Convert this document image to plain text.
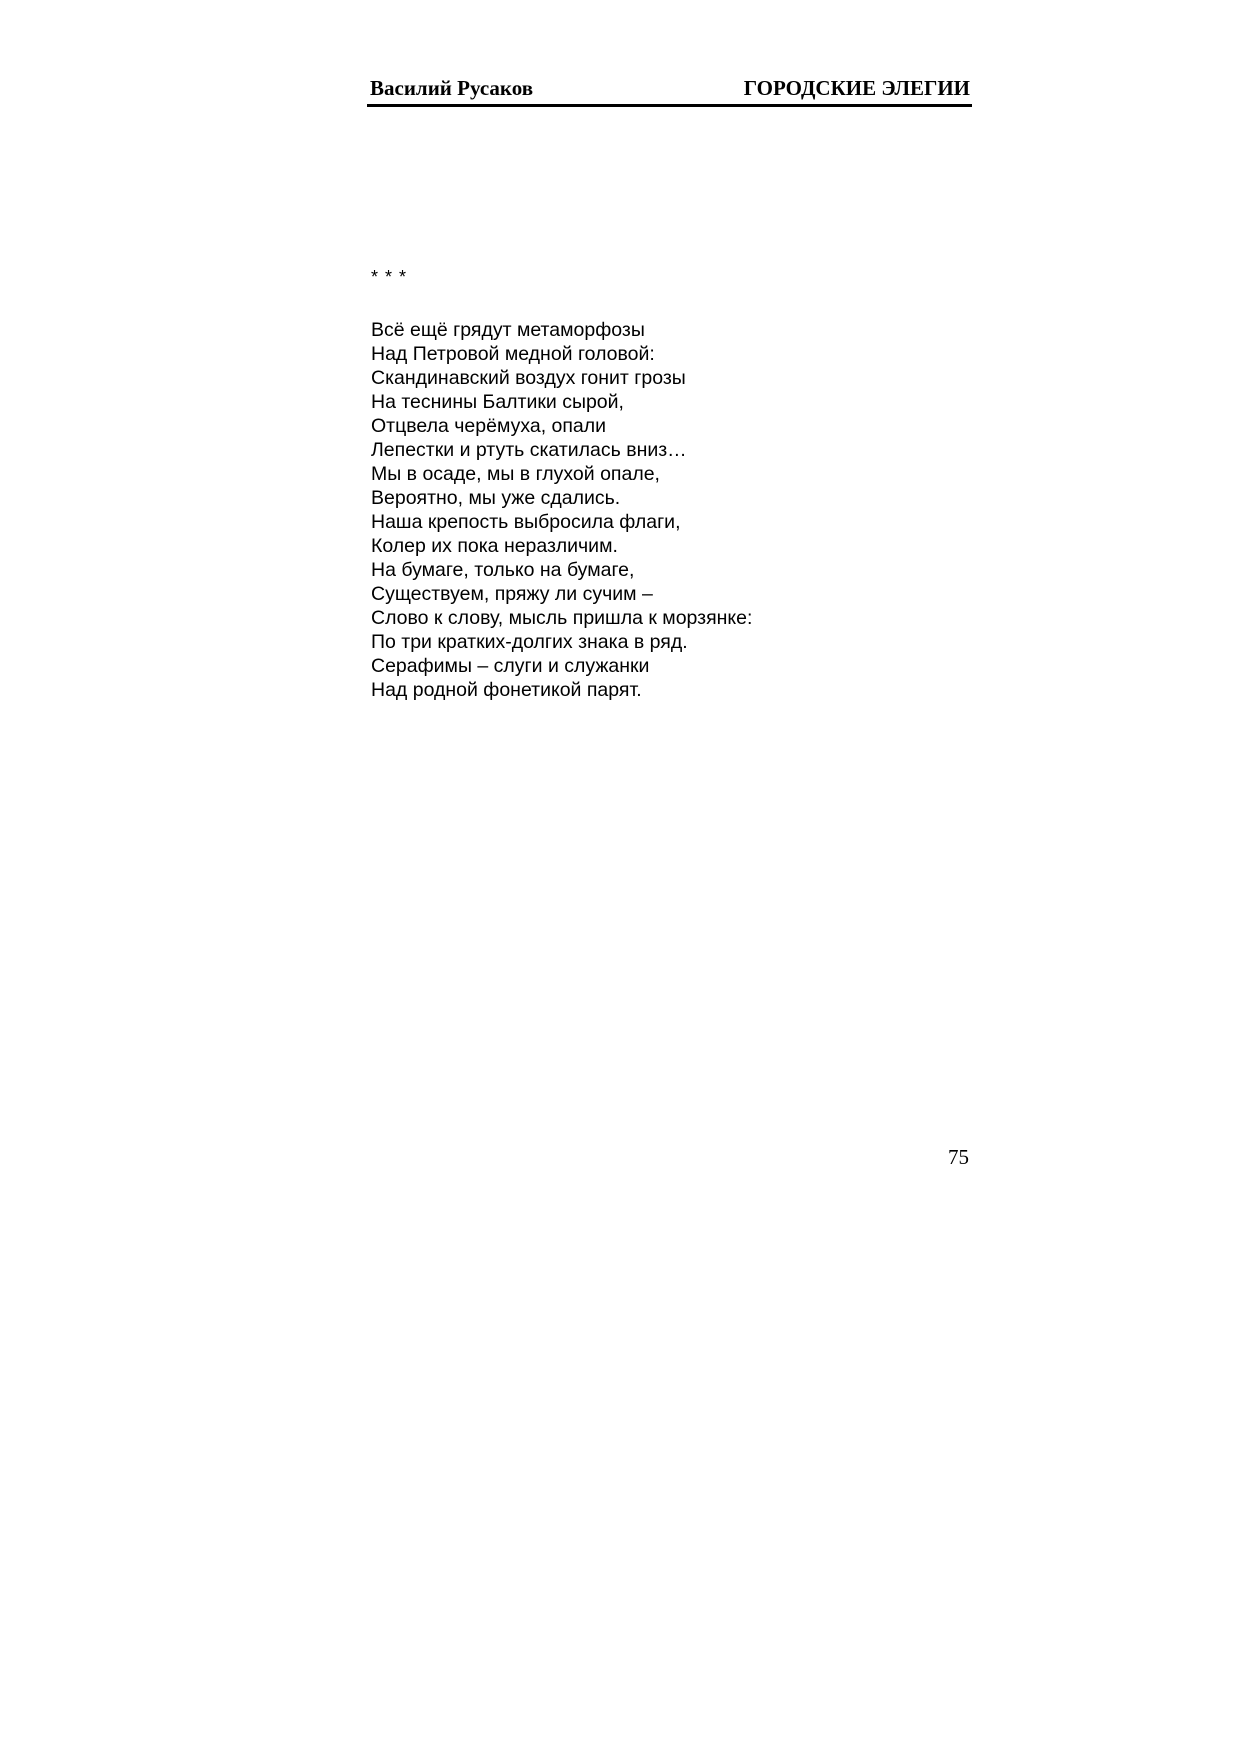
Василий Русаков	ГОРОДСКИЕ ЭЛЕГИИ
* * *
Всё ещё грядут метаморфозы
Над Петровой медной головой:
Скандинавский воздух гонит грозы
На теснины Балтики сырой,
Отцвела черёмуха, опали
Лепестки и ртуть скатилась вниз…
Мы в осаде, мы в глухой опале,
Вероятно, мы уже сдались.
Наша крепость выбросила флаги,
Колер их пока неразличим.
На бумаге, только на бумаге,
Существуем, пряжу ли сучим –
Слово к слову, мысль пришла к морзянке:
По три кратких-долгих знака в ряд.
Серафимы – слуги и служанки
Над родной фонетикой парят.
75
